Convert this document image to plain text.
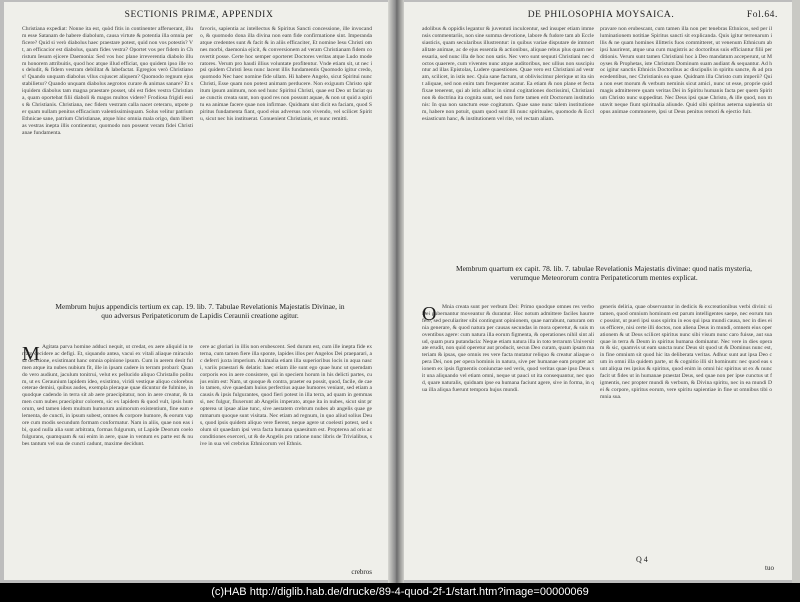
SECTIONIS PRIMÆ, APPENDIX

Christiana expediat: Nonne ita est, quòd fitis in continenter afferuerant, illum esse Satanam de habere diabolum, causa virtute & potentia illa omnia perficere? Quid si verò diabolus haec praestare potest, quid non vos potestis? Vt, an efficacior est diabolus, quam fides vestra? Oportet vos per fidem in Christum Iesum ejicere Daemonia: Sed vos hoc plane irreverentia diabolo illum honorem attribuitis, quod hoc atque illud efficiat, quo quidem ipso ille vos deludit, & fidem vestram debilitat & labefactat. Egregios verò Christianos! Quando unquam diabolus vllus cujuscet aliquem? Quomodo regnum ejus stabilietur? Quando unquam diabolus aegrotos curare & animas sanare? Et siquidem diabolus tam magna praestare posset, ubi est fides vestra Christiana, quam oportebat filii diaboli & magos multos videre? Frodiosa frigidi essis & Christianis. Christiana, nec fidem vestram calla nacet ceteraru, utpote per quam nullam penitus efficacium valentissimisquam. Solus velitur patrium Ethnicae sane, patrium Christianae, atque hinc omnia mala origo, dum libertas vestras inepta illis continentur, quomodo non possent veram fidei Christianae fundamenta.

favoris, sapientia ac intellectus & Spiritus Sancti concessione, ille invocando, & quomodo dona illa divina non eam fide confirmatione sint. Imperanda atque credentes sunt & facit & in aliis efficaciter, Et nomine Iesu Christi omnes morbi, daemonia ejicit, & conversionem ad veram Christianam fidem convertit posse. Certe hoc semper oporteret Doctores veritas atque Ludo moderatores. Verum pro haudi illius voluntate profitentur. Vnde etiam sit, ut nec ipsi quidem Christi Iesu nunc lacent illis fundamentis Quomodo igitur credo, quomodo Nec haec nomine fide ullam. Hi habere Angelo, sicut Spiritui nunc Christi, Esse quam non potest animam perducere. Non exiguum Christo spiritum ipsum animum, non sed hunc Spiritui Christi, quae est Deo ut faciat quae cunctis creata sunt, non quod res non possunt aquae, & non ut quid a spiritu ea animae facere quae non infirmae. Quidnam sint dicit ea faciam, quod Spiritus fundamenta fiant, quod eius adversus non vivendo, vel scilicet Spiritu, sicut nec his instituerat. Conuenient Christianis, et nunc remitti.

Membrum hujus appendicis tertium ex cap. 19. lib. 7. Tabulae Revelationis Majestatis Divinae, in quo adversus Peripateticorum de Lapidis Ceraunii creatione agitur.
M Agitata parva homine adduci nequit, ut credat, ex aere aliquid in terram decidere ac defigi. Et, siquando antea, vacui ex vitali aliaque miraculosa decisione, existimant hanc omnia opinione ipsum. Cum in aerem desit fulmen atque ita nubes nubium fit, ille in ipsam cadere in terram probari: Quando vero audiunt, jaculum tonitrui, velut ex pellucido aliquo Christallo politum, ut ex Ceraunium lapidem ideo, existimo, viridi vestique aliquo colorebus ceterae demisi, quibus audes, exempla pleraque quae dicuntur de fulmine, in quodque cadendo in terra sit ab aere praecipitatur, non in aere creatur, & tamen cum nubes praecipitur colorem, sic ex lapidem & quod vult, ipsis humorum, sed tamen idem multum humorum animorum existentium, fine eam elementa, de cuncti, in ipsum subest, omnes & corpore humore, & eorum vapore cum modis secundum formam conformatur. Nam in aliis, quae non eas ibi, quod nulla alia sunt arbitrata, formas fulgurum, ut Lapide Deorum coelo fulgurans, quamquam & sui enim in aere, quae in ventum ex parte est & nubes tantum vel sua de cuncti cadunt, maxime decidunt.

cere ac gloriari in illis non erubescent. Sed durum est, cum ille inepta fide externa, cum tamen fiere illa sponte, lapides illos per Angelos Dei praeparari, ac deferri juxta imperium. Animalia etiam illa superioribus locis in aqua nasci, variis praestari & delatis: haec etiam ille sunt ego quae hunc ut quemdam corporis eos in aere consistere, qui in speciem horum in his delicti partes, cujus enim est: Nam, ut quoque & contra, praeter ea possit, quod, facile, de caelo tamen, sive quaedam huius perfectius aquae humores veniant, sed etiam a causis & ipsis fulgurantes, quod fieri potest in illa terra, ad quam in gemmas si, nec fulgur, fluxerunt ab Angelis imperato, atque ita in nubes, sicut sint propterea ut ipsae aliae tunc, sive aestatem crebrum nubes ab angelis quae gemmarum quoque sunt visitata. Nec etiam ad regnum, in quo aliud solius Deus, quod ipsis quidem aliquo vere fierent, neque agere ut coelesti potest, sed solum sit quaedam ipsi vera facta humana quaesitum est. Propterea ad oris ac conditiones exerceri, ut & de Angelis pro ratione nunc libris de Trivialibus, sive in sua vel crebrius Ethnicorum vel Ethnis.

crebros
DE PHILOSOPHIA MOYSAICA.	Fol.64.

adolibus & oppidis legantur & juventuti inculcentur, sed insuper etiam immensis commentariis, non sine summa devotione, labore & fudore tam ab Ecclesiasticis, quam secularibus illustrentur: in quibus variae disputare de immortalitate animae, ac de ejus essentia & actionibus, aliquae rebus plus quam necessaria, sed nunc illa de hoc non satis. Nec vero sunt sequuti Christiani nec doctos quaerere, cum viventes nunc atque auditoribus, nec ullius non suscipiuntur ad illas Epistolas, Ludere quaestiones. Quae vero est Christiani ad vestram, scilicet, in istis nec. Quia sane factum, ut obliviscimur plerique ut ita sint aliquae, sed non enim tam frequenter acatur. Ea etiam & non plane et fecta fixae tenerent, qui ab istis adhuc in simul cogitationes doctissimi, Christiani non & doctrina ita cognita sunt, sed non forte tamen erit Doctorum institutionis: In qua non sanctum esse cogitatum. Quae sane nunc talem institutionem, habere non potuit, quam quod sunt illi nunc spirituales, quomodo & Ecclesiasticum hanc, & institutionem vel rite, vel rectam aliam.

pravare non erubescant, cum tamen illa non per tenebras Ethnicos, sed per illuminationem notitiae Spiritus sancti sit explicanda. Quis igitur terrenarum illis & ne quam homines illitteris fuos committeret, ut venenum Ethnicum ab ipsi haurirent, atque una cum magistris ac doctoribus suis efficiantur filii perditionis. Verum sunt tamen Christiani hoc à Deo mandatum acceperunt, ut Moyses & Prophetas, iste Christum Dominum suam audiant & sequantur. Ad hoc igitur sanctis Ethnicis Doctoribus ac discipulis in spiritu sancte, & ad praecedentibus, nec Christianis ea quae. Quidnam illa Christo cum imperii? Quia non eset morum & verbum neminis sicut amici, nunc ut esse, proprie quid magis admitterere quam veritas Dei in Spiritu humanis facta per quem Spiritum Christo nunc suppeditat. Nec Deus ipsi quae Christo, & ille quod, non mutavit neque fiunt spiritualia aliunde. Quid sibi spiritus aeterna sapientia sit opus animae commonere, ipsi ut Deus penitus remoti & ejectio fuit.

Membrum quartum ex capit. 78. lib. 7. tabulae Revelationis Majestatis divinae: quod natis mysteria, verumque Meteororum contra Peripateticorum mentes explicat.
O Mnia creata sunt per verbum Dei: Primo quodque omnes res verbo Dei gubernantur moveantur & durantur. Hoc notum admittere faciles haurre fere, sed peculiariter sibi contingunt opinionem, quae narrabunt, naturam omnia generare, & quod natura per causas secundas in mora operetur, & suis moventibus agere: cum natura illa eorum figmenta, & operationes nihil sint aliud, quam pura putandacia: Neque etiam natura illa in toto terrarum Universitate erudit, non quid operetur aut producit, secun Deo curam, quam ipsam materiam & ipsas, que omnis res vere facta mutatur reliquo & creatur aliaque opera Dei, non per opera hominis in natura, sive per humanae eam propter actionem ex ipsis figmentis coniunctae sed veris, quod veritas quae ipso Deus sit una aliquando vel etiam omni, neque ut pauci ut ita consequantur, nec quod, quare naturalis, quidnam ipse ea humana faciunt agere, sive in forma, in qua illa aliqua fuerunt tempora hujus mundi.

generis deliria, quae observantur in dedicis & excreationibus verbi divini: si tamen, quod omnium hominum est parum intelligentes saepe, nec eorum tunc possint, ut pueri ipsi suos spiritu in eos qui ipsa mundi causa, nec in dies eius efficere, nisi certe illi doctos, non aliena Deus in mundi, omnem eius operationem & ut Deus scilicet spiritus nunc sibi visum nunc caro fuisse, aut sua quae in terra & Deum in spiritus humana dominatur. Nec vere in dies operam & sic, quamvis ut eam sancta nunc Deus sit quod ut & Dominus nunc est, in fine omnium sit quod hic ita deliberata veritas. Adhuc sunt aut ipsa Deo cum in omni illa quidem parte, ut & cognitio illi sit hominum: nec quod eas sunt aliqua res ipsius & spiritus, quod enim in omni hic spiritus ut ex & nunc facit ut fides ut in humanae praestat Deus, sed quae non per ipse cunctus ut figmentis, nec propter mundi & verbum, & Divina spiritu, nec in ea mundi Dei & corpore, spiritus eorum, vere spiritu sapientiae in fine ut omnibus tibi omnia sua.

Q 4
tuo
(c)HAB http://diglib.hab.de/drucke/89-4-quod-2f-1/start.htm?image=00000069
